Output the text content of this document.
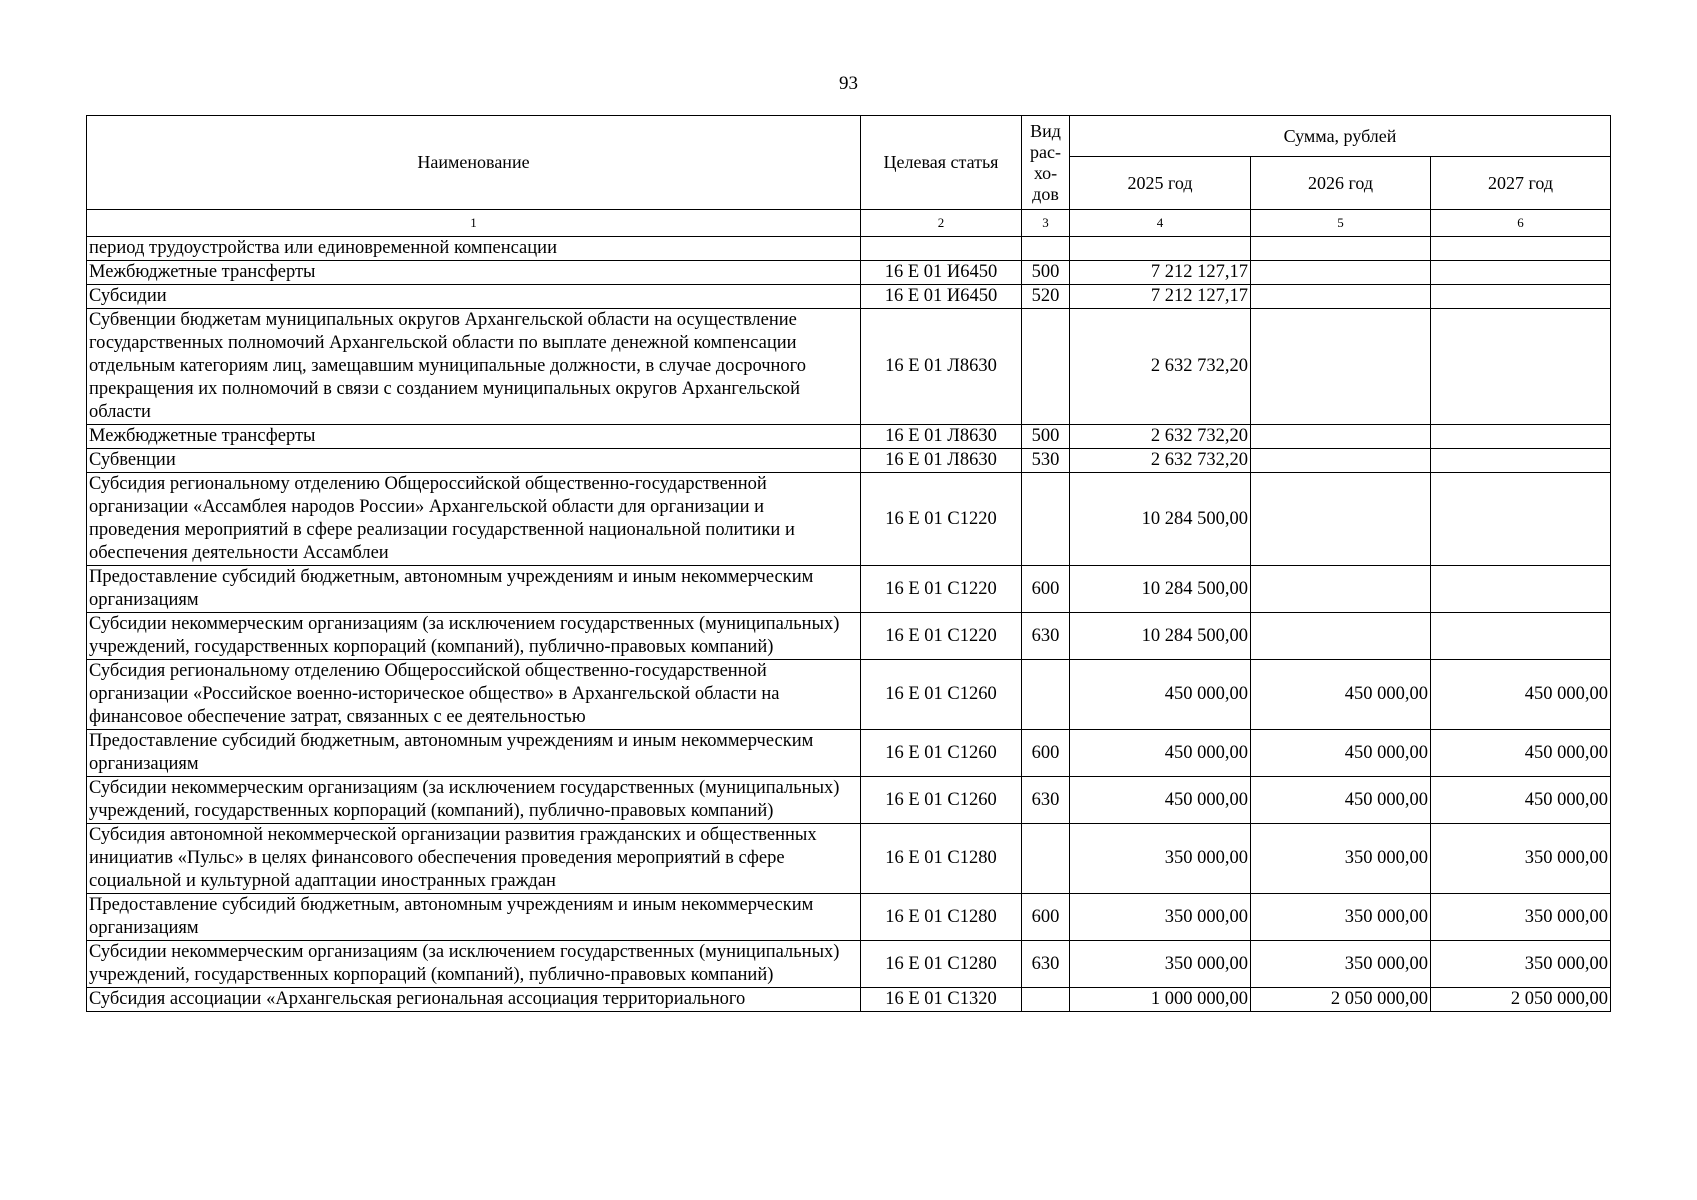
93
Наименование	Целевая статья	Вид
рас-
хо-
дов	Сумма, рублей		
			2025 год	2026 год	2027 год
1	2	3	4	5	6
период трудоустройства или единовременной компенсации					
Межбюджетные трансферты	16 Е 01 И6450	500	7 212 127,17		
Субсидии	16 Е 01 И6450	520	7 212 127,17		
Субвенции бюджетам муниципальных округов Архангельской области на осуществление государственных полномочий Архангельской области по выплате денежной компенсации отдельным категориям лиц, замещавшим муниципальные должности, в случае досрочного прекращения их полномочий в связи с созданием муниципальных округов Архангельской области	16 Е 01 Л8630		2 632 732,20		
Межбюджетные трансферты	16 Е 01 Л8630	500	2 632 732,20		
Субвенции	16 Е 01 Л8630	530	2 632 732,20		
Субсидия региональному отделению Общероссийской общественно-государственной организации «Ассамблея народов России» Архангельской области для организации и проведения мероприятий в сфере реализации государственной национальной политики и обеспечения деятельности Ассамблеи	16 Е 01 С1220		10 284 500,00		
Предоставление субсидий бюджетным, автономным учреждениям и иным некоммерческим организациям	16 Е 01 С1220	600	10 284 500,00		
Субсидии некоммерческим организациям (за исключением государственных (муниципальных) учреждений, государственных корпораций (компаний), публично-правовых компаний)	16 Е 01 С1220	630	10 284 500,00		
Субсидия региональному отделению Общероссийской общественно-государственной организации «Российское военно-историческое общество» в Архангельской области на финансовое обеспечение затрат, связанных с ее деятельностью	16 Е 01 С1260		450 000,00	450 000,00	450 000,00
Предоставление субсидий бюджетным, автономным учреждениям и иным некоммерческим организациям	16 Е 01 С1260	600	450 000,00	450 000,00	450 000,00
Субсидии некоммерческим организациям (за исключением государственных (муниципальных) учреждений, государственных корпораций (компаний), публично-правовых компаний)	16 Е 01 С1260	630	450 000,00	450 000,00	450 000,00
Субсидия автономной некоммерческой организации развития гражданских и общественных инициатив «Пульс» в целях финансового обеспечения проведения мероприятий в сфере социальной и культурной адаптации иностранных граждан	16 Е 01 С1280		350 000,00	350 000,00	350 000,00
Предоставление субсидий бюджетным, автономным учреждениям и иным некоммерческим организациям	16 Е 01 С1280	600	350 000,00	350 000,00	350 000,00
Субсидии некоммерческим организациям (за исключением государственных (муниципальных) учреждений, государственных корпораций (компаний), публично-правовых компаний)	16 Е 01 С1280	630	350 000,00	350 000,00	350 000,00
Субсидия ассоциации «Архангельская региональная ассоциация территориального	16 Е 01 С1320		1 000 000,00	2 050 000,00	2 050 000,00
